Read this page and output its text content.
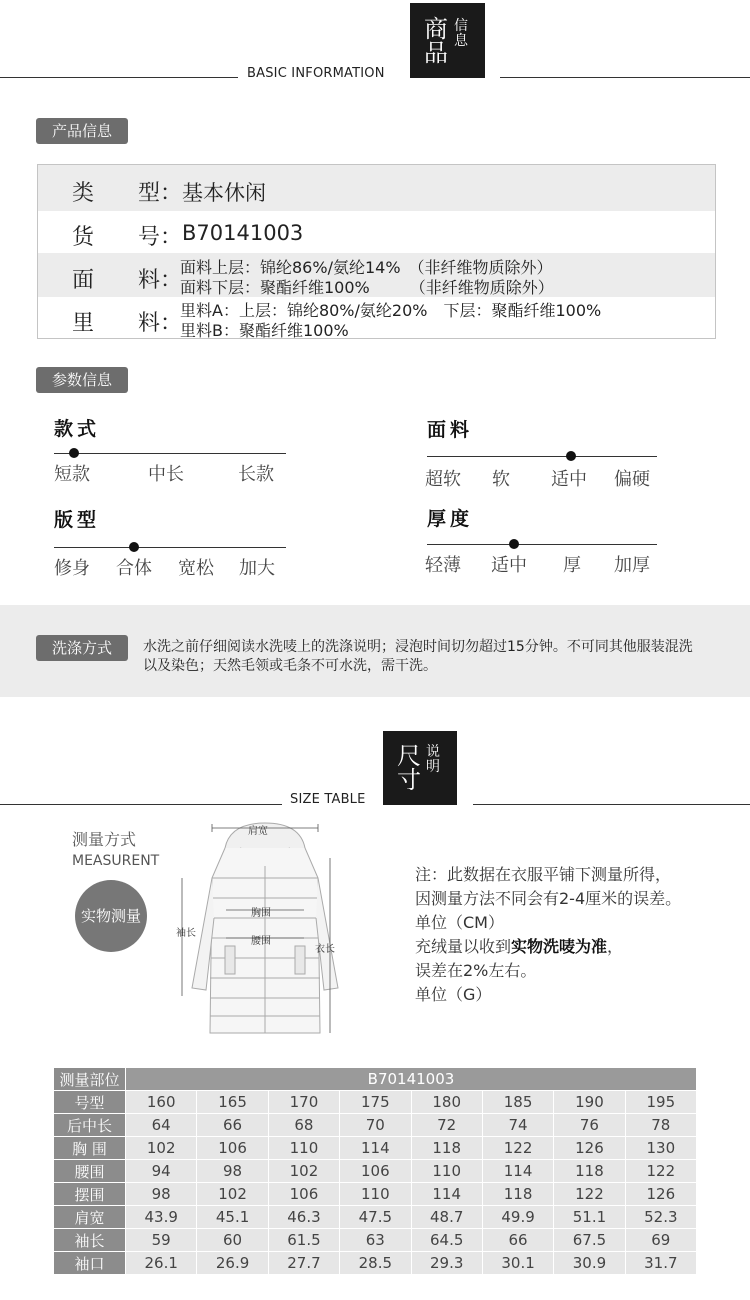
BASIC INFORMATION
商品
信息
产品信息
类　　型： 基本休闲
货　　号： B70141003
面　　料：
面料上层：锦纶86%/氨纶14%　（非纤维物质除外）
面料下层：聚酯纤维100%　　　（非纤维物质除外）
里　　料：
里料A：上层：锦纶80%/氨纶20%　下层：聚酯纤维100%
里料B：聚酯纤维100%
参数信息
款式
短款	中长	长款
面料
超软 软 适中 偏硬
版型
修身 合体 宽松 加大
厚度
轻薄 适中 厚 加厚
洗涤方式	水洗之前仔细阅读水洗唛上的洗涤说明；浸泡时间切勿超过15分钟。不可同其他服装混洗以及染色；天然毛领或毛条不可水洗，需干洗。
SIZE TABLE
尺寸
说明
测量方式
MEASURENT
实物测量
肩宽
胸围
腰围
袖长
衣长
注：此数据在衣服平铺下测量所得，
因测量方法不同会有2-4厘米的误差。
单位（CM）
充绒量以收到实物洗唛为准，
误差在2%左右。
单位（G）
测量部位	B70141003							
号型	160	165	170	175	180	185	190	195
后中长	64	66	68	70	72	74	76	78
胸 围	102	106	110	114	118	122	126	130
腰围	94	98	102	106	110	114	118	122
摆围	98	102	106	110	114	118	122	126
肩宽	43.9	45.1	46.3	47.5	48.7	49.9	51.1	52.3
袖长	59	60	61.5	63	64.5	66	67.5	69
袖口	26.1	26.9	27.7	28.5	29.3	30.1	30.9	31.7
